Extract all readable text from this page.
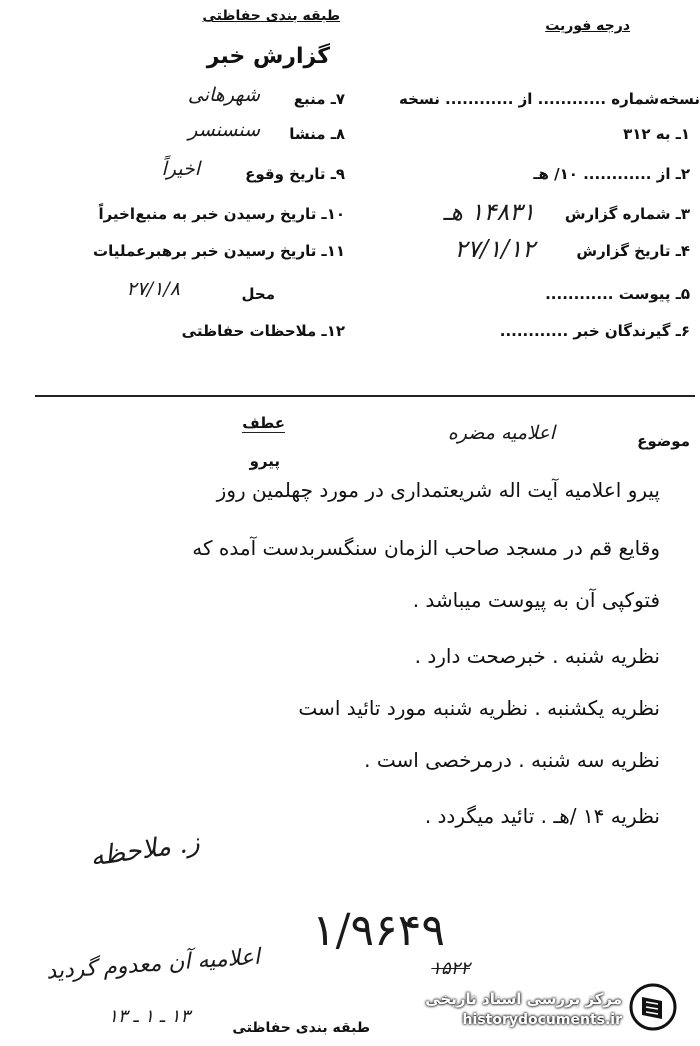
طبقه بندی حفاظتی
درجه فوریت
گزارش خبر
نسخه‌شماره ............ از ............ نسخه
۱ـ به ۳۱۲
۲ـ از ............ ۱۰/ هـ
۳ـ شماره گزارش
۱۴۸۳۱ هـ
۴ـ تاریخ گزارش
۲۷/۱/۱۲
۵ـ پیوست ............
۶ـ گیرندگان خبر ............
۷ـ منبع
شهرهانی
۸ـ منشا
سنسنسر
۹ـ تاریخ وقوع
اخیراً
۱۰ـ تاریخ رسیدن خبر به منبع
اخیراً
۱۱ـ تاریخ رسیدن خبر برهبرعملیات
محل
۲۷/۱/۸
۱۲ـ ملاحظات حفاظتی
موضوع
اعلامیه مضره
عطف
پیرو
پیرو اعلامیه آیت اله شریعتمداری در مورد چهلمین روز
وقایع قم در مسجد صاحب الزمان سنگسربدست آمده که
فتوکپی آن به پیوست میباشد .
نظریه شنبه . خبرصحت دارد .
نظریه یکشنبه . نظریه شنبه مورد تائید است
نظریه سه شنبه . درمرخصی است .
نظریه ۱۴ /هـ . تائید میگردد .
ز. ملاحظه
۱/۹۶۴۹
۱۵۲۲
اعلامیه آن معدوم گردید
۱۳ ـ ۱ ـ ۱۳
طبقه بندی حفاظتی
مرکز بررسی اسناد تاریخی
historydocuments.ir
